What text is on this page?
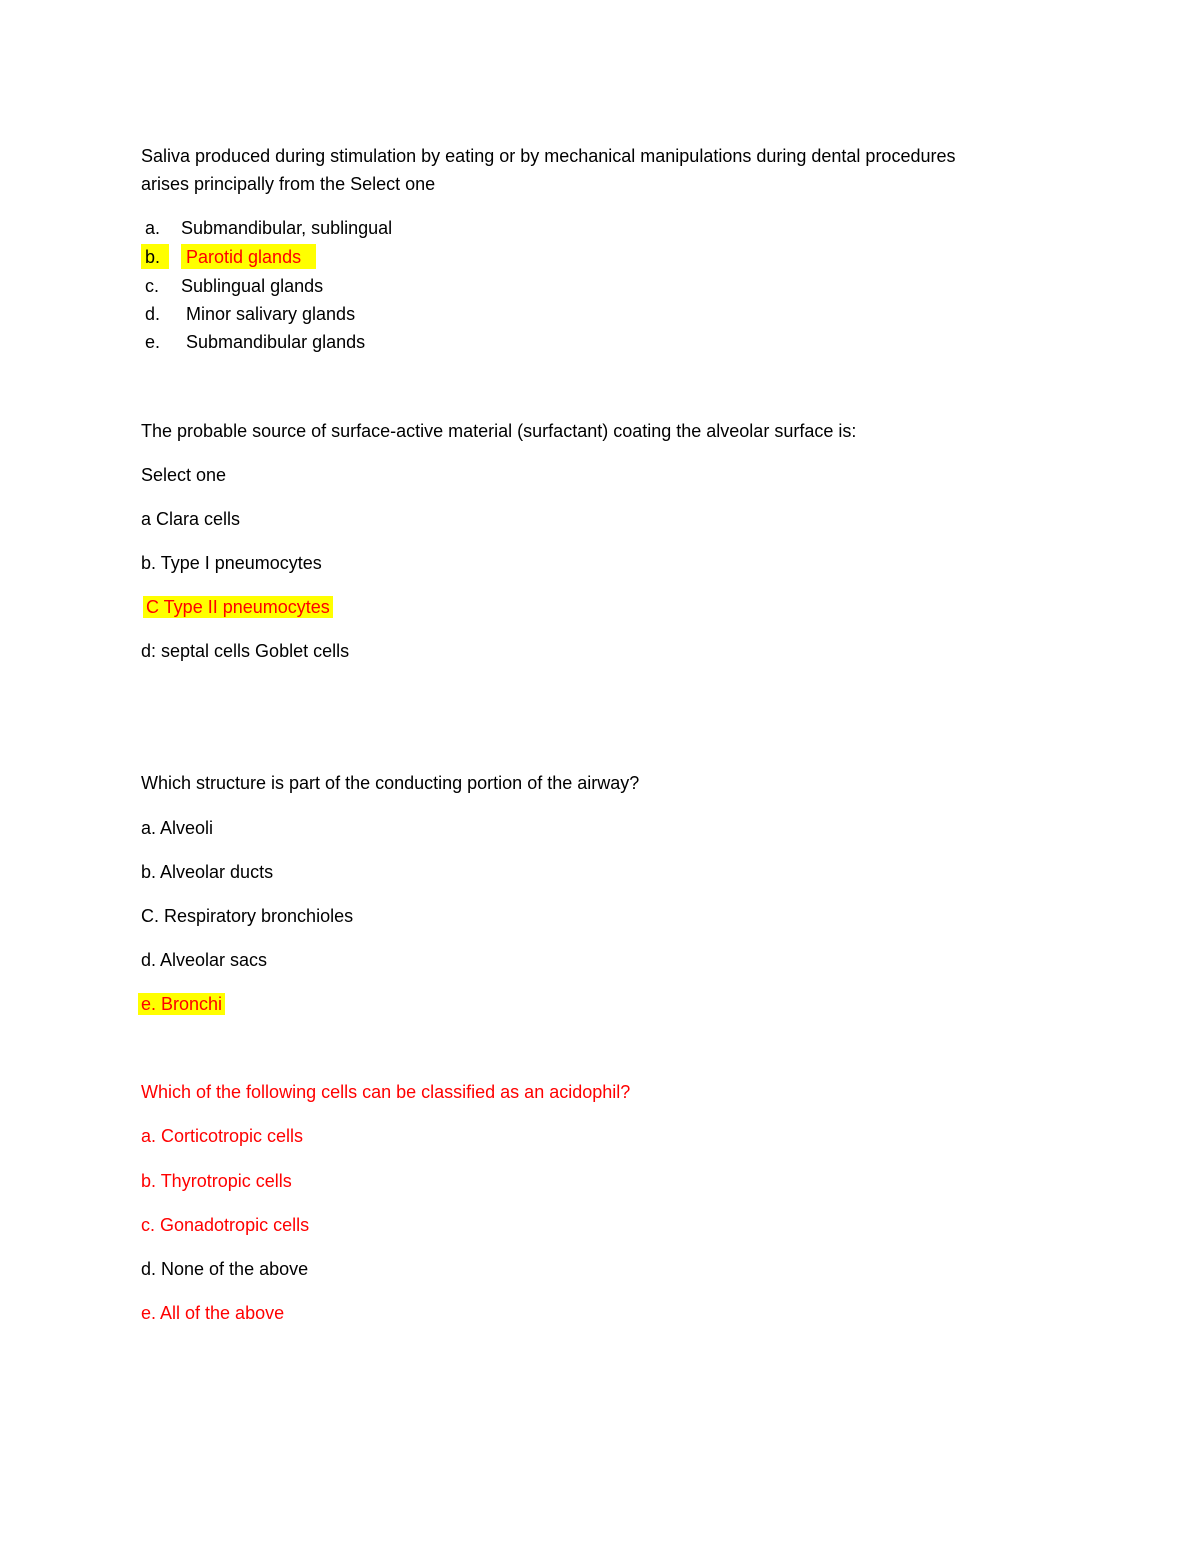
Saliva produced during stimulation by eating or by mechanical manipulations during dental procedures
arises principally from the Select one
a. Submandibular, sublingual
b. Parotid glands
c. Sublingual glands
d. Minor salivary glands
e. Submandibular glands
The probable source of surface-active material (surfactant) coating the alveolar surface is:
Select one
a Clara cells
b. Type I pneumocytes
C Type II pneumocytes
d: septal cells Goblet cells
Which structure is part of the conducting portion of the airway?
a. Alveoli
b. Alveolar ducts
C. Respiratory bronchioles
d. Alveolar sacs
e. Bronchi
Which of the following cells can be classified as an acidophil?
a. Corticotropic cells
b. Thyrotropic cells
c. Gonadotropic cells
d. None of the above
e. All of the above
